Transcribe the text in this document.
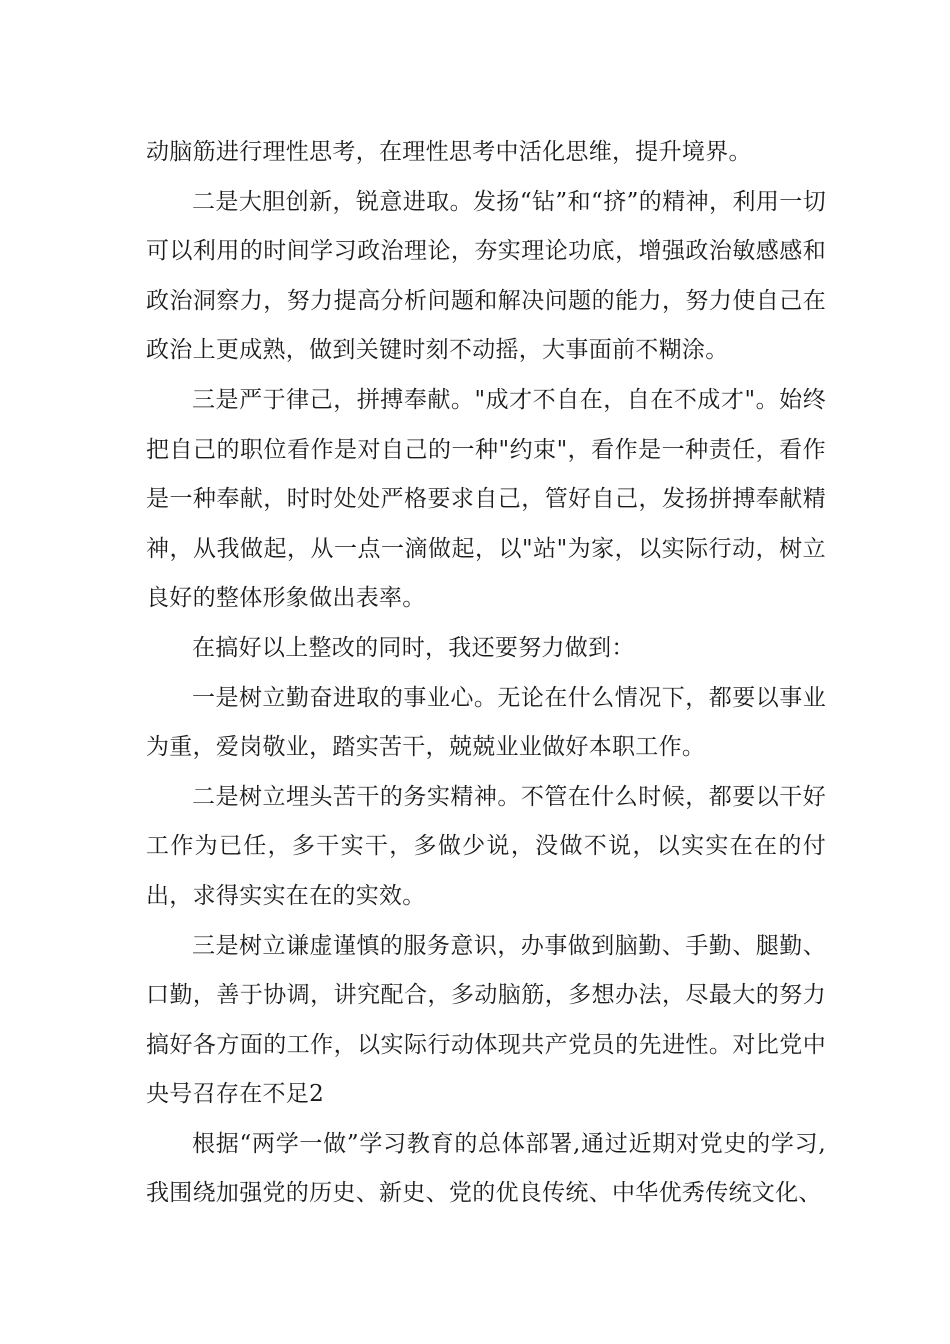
动脑筋进行理性思考，在理性思考中活化思维，提升境界。

二是大胆创新，锐意进取。发扬“钻”和“挤”的精神，利用一切可以利用的时间学习政治理论，夯实理论功底，增强政治敏感感和政治洞察力，努力提高分析问题和解决问题的能力，努力使自己在政治上更成熟，做到关键时刻不动摇，大事面前不糊涂。

三是严于律己，拼搏奉献。"成才不自在，自在不成才"。始终把自己的职位看作是对自己的一种"约束"，看作是一种责任，看作是一种奉献，时时处处严格要求自己，管好自己，发扬拼搏奉献精神，从我做起，从一点一滴做起，以"站"为家，以实际行动，树立良好的整体形象做出表率。

在搞好以上整改的同时，我还要努力做到：

一是树立勤奋进取的事业心。无论在什么情况下，都要以事业为重，爱岗敬业，踏实苦干，兢兢业业做好本职工作。

二是树立埋头苦干的务实精神。不管在什么时候，都要以干好工作为已任，多干实干，多做少说，没做不说，以实实在在的付出，求得实实在在的实效。

三是树立谦虚谨慎的服务意识，办事做到脑勤、手勤、腿勤、口勤，善于协调，讲究配合，多动脑筋，多想办法，尽最大的努力搞好各方面的工作，以实际行动体现共产党员的先进性。对比党中央号召存在不足2

根据“两学一做”学习教育的总体部署,通过近期对党史的学习,我围绕加强党的历史、新史、党的优良传统、中华优秀传统文化、
